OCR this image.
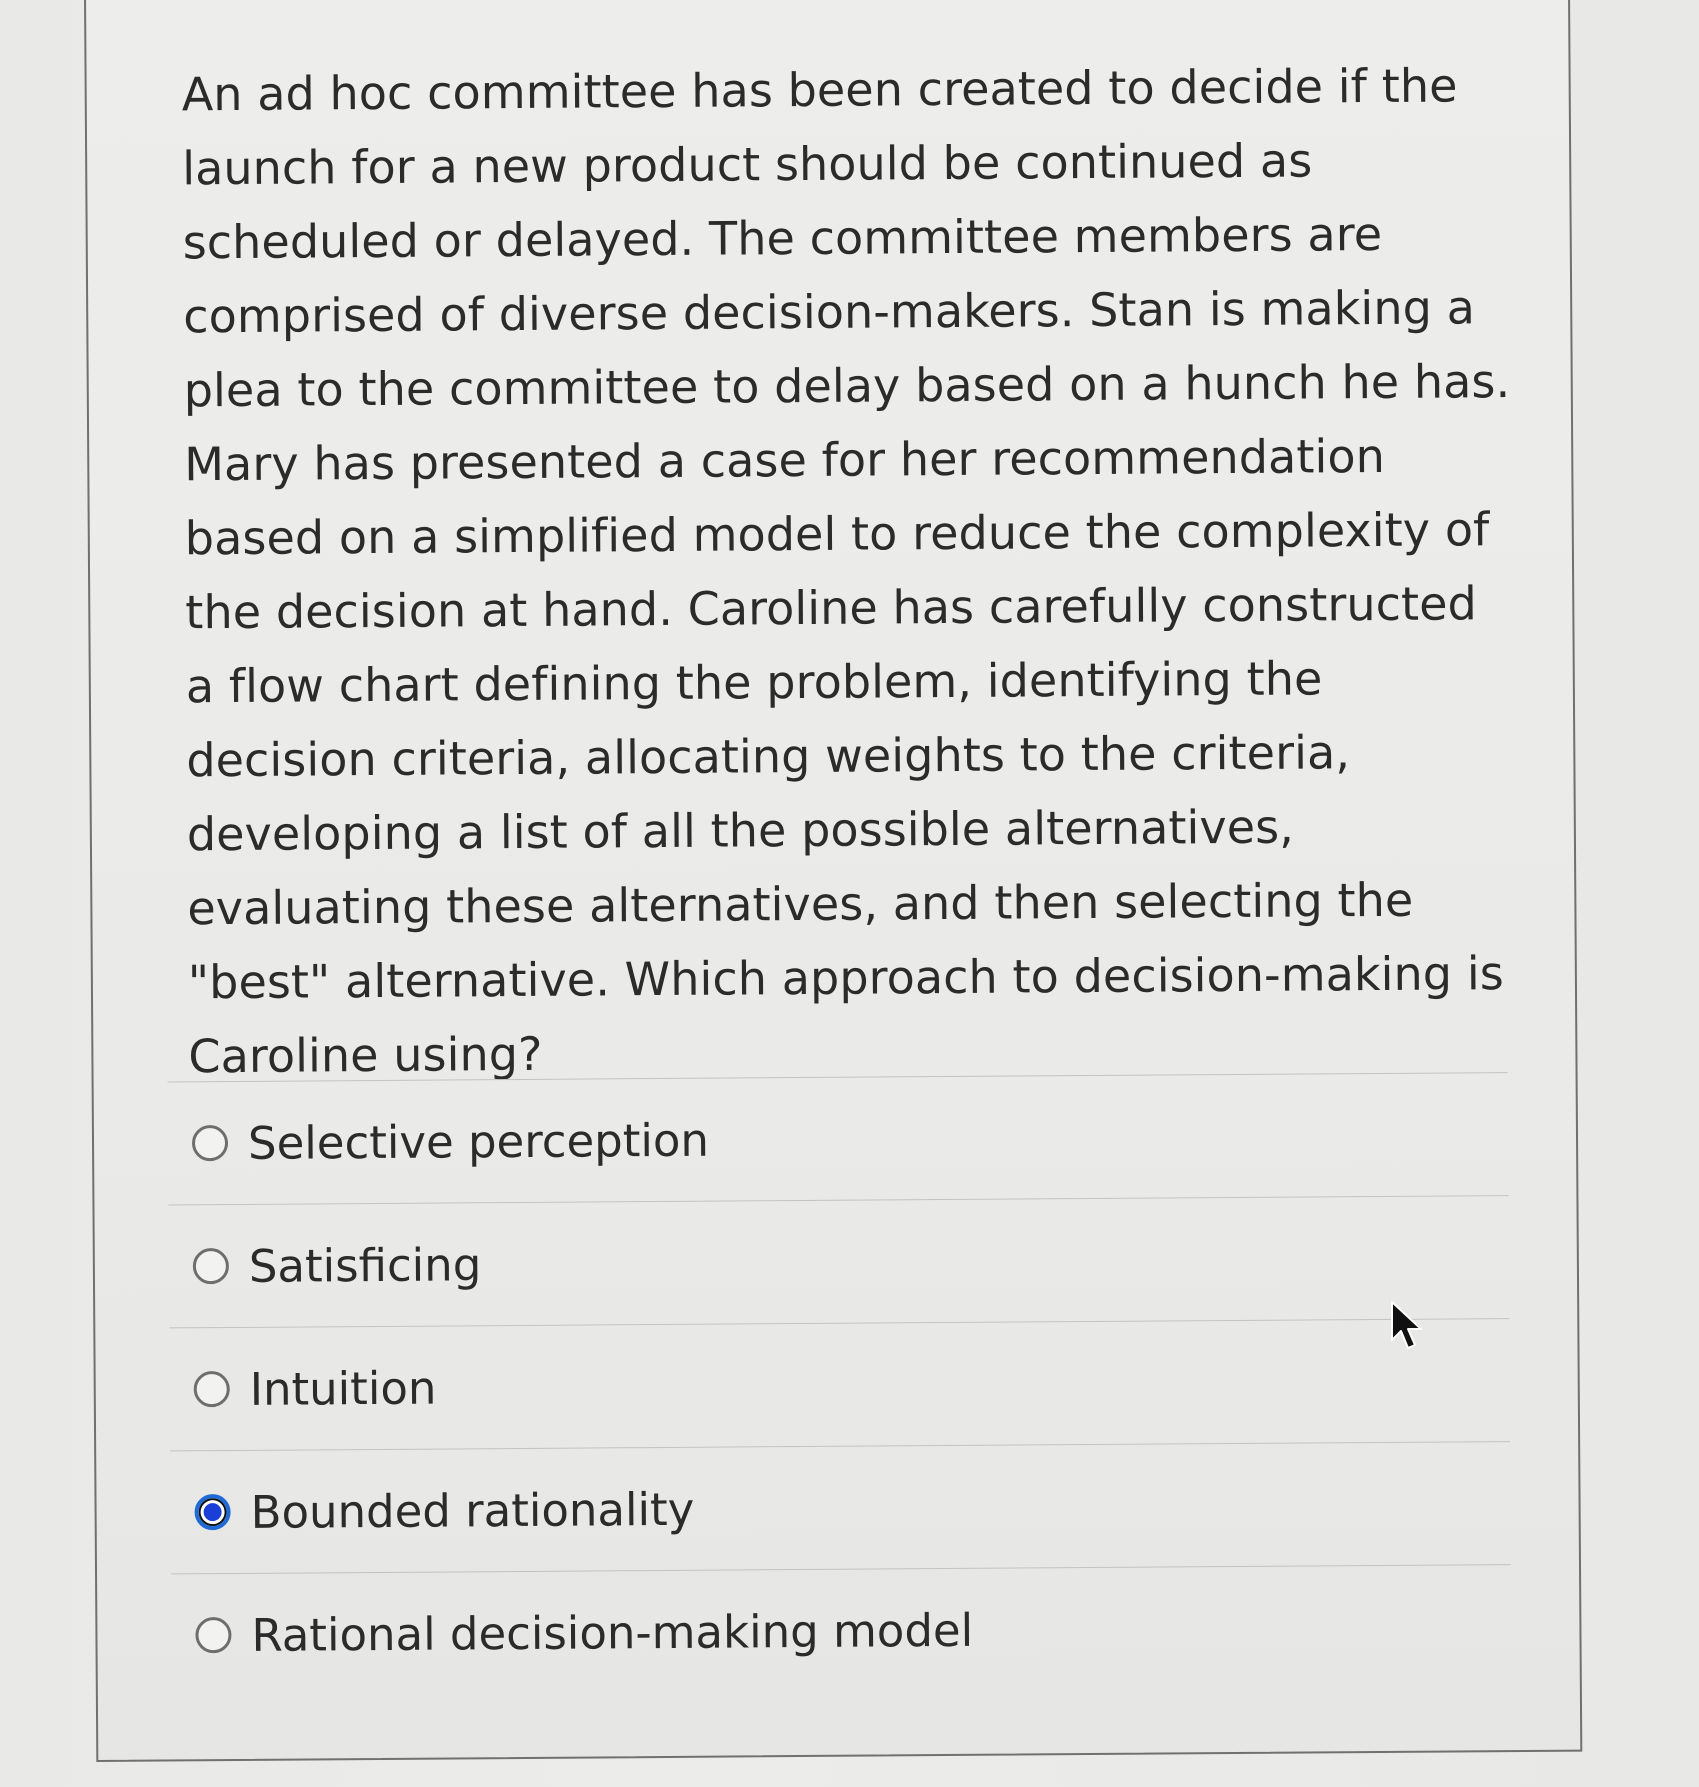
An ad hoc committee has been created to decide if the launch for a new product should be continued as scheduled or delayed. The committee members are comprised of diverse decision-makers. Stan is making a plea to the committee to delay based on a hunch he has. Mary has presented a case for her recommendation based on a simplified model to reduce the complexity of the decision at hand. Caroline has carefully constructed a flow chart defining the problem, identifying the decision criteria, allocating weights to the criteria, developing a list of all the possible alternatives, evaluating these alternatives, and then selecting the "best" alternative. Which approach to decision-making is Caroline using?

Selective perception
Satisficing
Intuition
Bounded rationality
Rational decision-making model
